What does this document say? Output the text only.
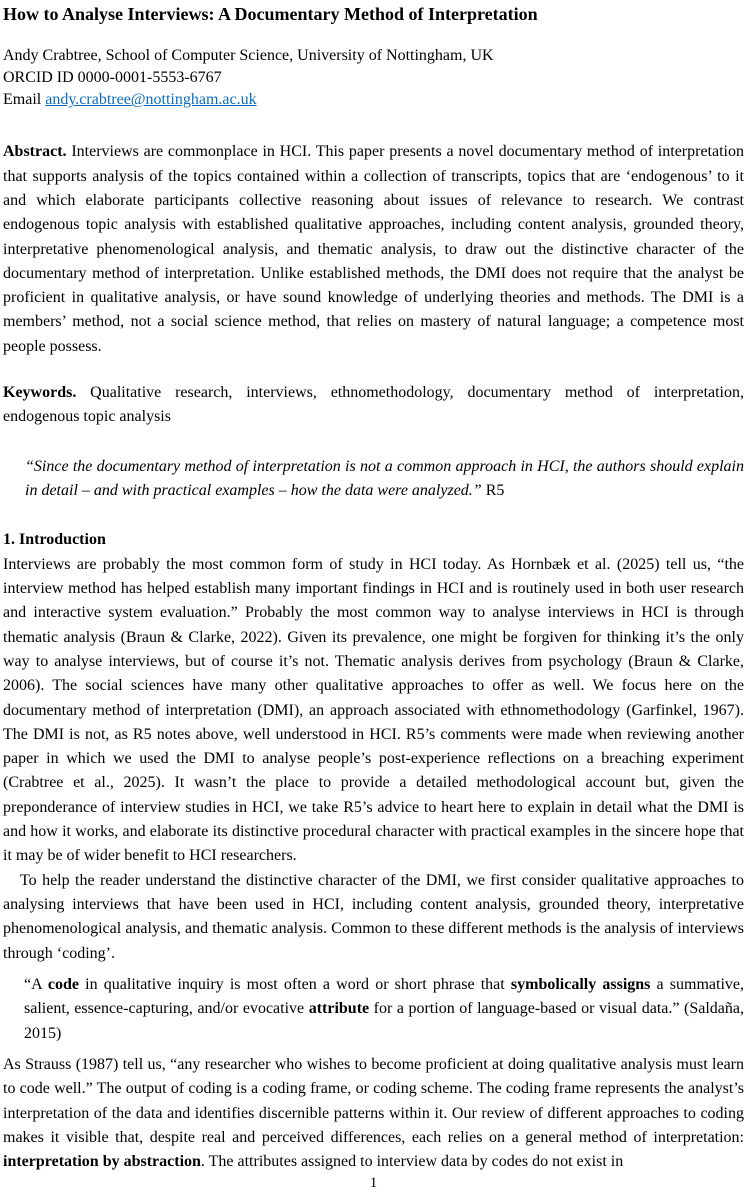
How to Analyse Interviews: A Documentary Method of Interpretation
Andy Crabtree, School of Computer Science, University of Nottingham, UK
ORCID ID 0000-0001-5553-6767
Email andy.crabtree@nottingham.ac.uk

Abstract. Interviews are commonplace in HCI. This paper presents a novel documentary method of interpretation that supports analysis of the topics contained within a collection of transcripts, topics that are ‘endogenous’ to it and which elaborate participants collective reasoning about issues of relevance to research. We contrast endogenous topic analysis with established qualitative approaches, including content analysis, grounded theory, interpretative phenomenological analysis, and thematic analysis, to draw out the distinctive character of the documentary method of interpretation. Unlike established methods, the DMI does not require that the analyst be proficient in qualitative analysis, or have sound knowledge of underlying theories and methods. The DMI is a members’ method, not a social science method, that relies on mastery of natural language; a competence most people possess.

Keywords. Qualitative research, interviews, ethnomethodology, documentary method of interpretation, endogenous topic analysis

“Since the documentary method of interpretation is not a common approach in HCI, the authors should explain in detail – and with practical examples – how the data were analyzed.” R5

1. Introduction

Interviews are probably the most common form of study in HCI today. As Hornbæk et al. (2025) tell us, “the interview method has helped establish many important findings in HCI and is routinely used in both user research and interactive system evaluation.” Probably the most common way to analyse interviews in HCI is through thematic analysis (Braun & Clarke, 2022). Given its prevalence, one might be forgiven for thinking it’s the only way to analyse interviews, but of course it’s not. Thematic analysis derives from psychology (Braun & Clarke, 2006). The social sciences have many other qualitative approaches to offer as well. We focus here on the documentary method of interpretation (DMI), an approach associated with ethnomethodology (Garfinkel, 1967). The DMI is not, as R5 notes above, well understood in HCI. R5’s comments were made when reviewing another paper in which we used the DMI to analyse people’s post-experience reflections on a breaching experiment (Crabtree et al., 2025). It wasn’t the place to provide a detailed methodological account but, given the preponderance of interview studies in HCI, we take R5’s advice to heart here to explain in detail what the DMI is and how it works, and elaborate its distinctive procedural character with practical examples in the sincere hope that it may be of wider benefit to HCI researchers.

To help the reader understand the distinctive character of the DMI, we first consider qualitative approaches to analysing interviews that have been used in HCI, including content analysis, grounded theory, interpretative phenomenological analysis, and thematic analysis. Common to these different methods is the analysis of interviews through ‘coding’.

“A code in qualitative inquiry is most often a word or short phrase that symbolically assigns a summative, salient, essence-capturing, and/or evocative attribute for a portion of language-based or visual data.” (Saldaña, 2015)

As Strauss (1987) tell us, “any researcher who wishes to become proficient at doing qualitative analysis must learn to code well.” The output of coding is a coding frame, or coding scheme. The coding frame represents the analyst’s interpretation of the data and identifies discernible patterns within it. Our review of different approaches to coding makes it visible that, despite real and perceived differences, each relies on a general method of interpretation: interpretation by abstraction. The attributes assigned to interview data by codes do not exist in

1
